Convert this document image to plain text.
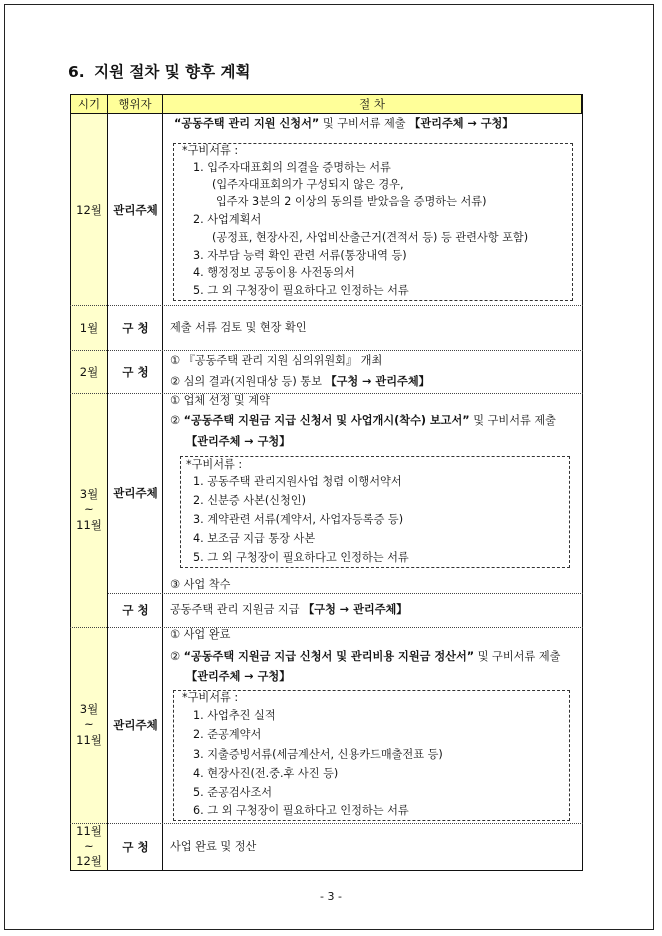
6. 지원 절차 및 향후 계획
시기	행위자	절 차
12월
1월
2월
3월
~
11월
3월
~
11월
11월
~
12월
관리주체
구 청
구 청
관리주체
구 청
관리주체
구 청
“공동주택 관리 지원 신청서” 및 구비서류 제출 【관리주체 → 구청】
*구비서류 :
1. 입주자대표회의 의결을 증명하는 서류
(입주자대표회의가 구성되지 않은 경우,
입주자 3분의 2 이상의 동의를 받았음을 증명하는 서류)
2. 사업계획서
(공정표, 현장사진, 사업비산출근거(견적서 등) 등 관련사항 포함)
3. 자부담 능력 확인 관련 서류(통장내역 등)
4. 행정정보 공동이용 사전동의서
5. 그 외 구청장이 필요하다고 인정하는 서류
제출 서류 검토 및 현장 확인
① 『공동주택 관리 지원 심의위원회』 개최
② 심의 결과(지원대상 등) 통보 【구청 → 관리주체】
① 업체 선정 및 계약
② “공동주택 지원금 지급 신청서 및 사업개시(착수) 보고서” 및 구비서류 제출
【관리주체 → 구청】
*구비서류 :
1. 공동주택 관리지원사업 청렴 이행서약서
2. 신분증 사본(신청인)
3. 계약관련 서류(계약서, 사업자등록증 등)
4. 보조금 지급 통장 사본
5. 그 외 구청장이 필요하다고 인정하는 서류
③ 사업 착수
공동주택 관리 지원금 지급 【구청 → 관리주체】
① 사업 완료
② “공동주택 지원금 지급 신청서 및 관리비용 지원금 정산서” 및 구비서류 제출
【관리주체 → 구청】
*구비서류 :
1. 사업추진 실적
2. 준공계약서
3. 지출증빙서류(세금계산서, 신용카드매출전표 등)
4. 현장사진(전.중.후 사진 등)
5. 준공검사조서
6. 그 외 구청장이 필요하다고 인정하는 서류
사업 완료 및 정산
- 3 -
